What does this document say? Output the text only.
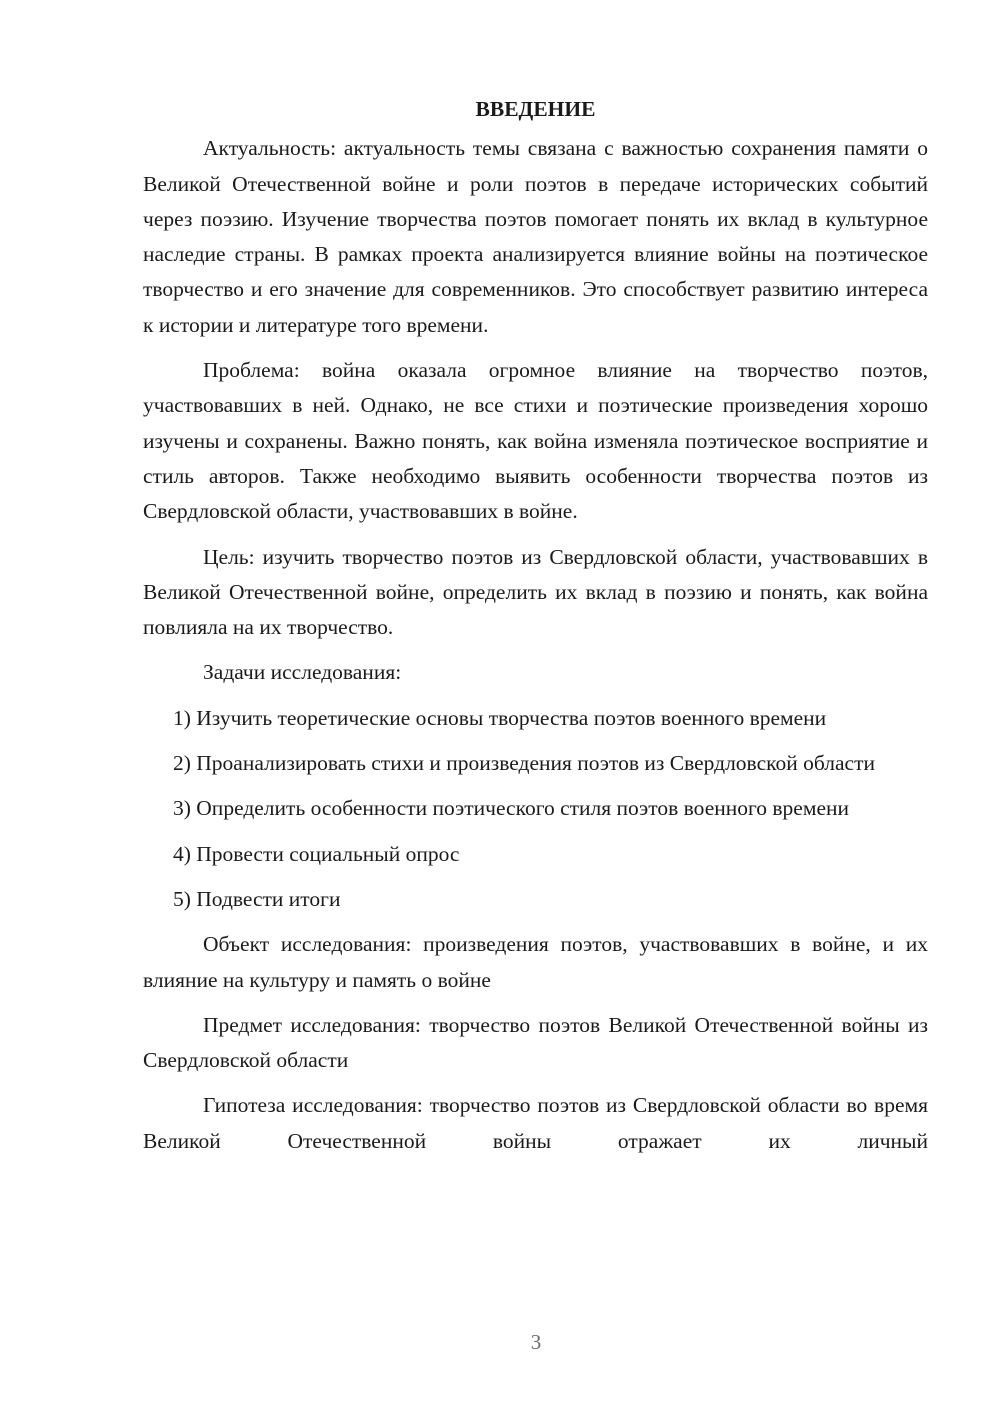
ВВЕДЕНИЕ

Актуальность: актуальность темы связана с важностью сохранения памяти о Великой Отечественной войне и роли поэтов в передаче исторических событий через поэзию. Изучение творчества поэтов помогает понять их вклад в культурное наследие страны. В рамках проекта анализируется влияние войны на поэтическое творчество и его значение для современников. Это способствует развитию интереса к истории и литературе того времени.

Проблема: война оказала огромное влияние на творчество поэтов, участвовавших в ней. Однако, не все стихи и поэтические произведения хорошо изучены и сохранены. Важно понять, как война изменяла поэтическое восприятие и стиль авторов. Также необходимо выявить особенности творчества поэтов из Свердловской области, участвовавших в войне.

Цель: изучить творчество поэтов из Свердловской области, участвовавших в Великой Отечественной войне, определить их вклад в поэзию и понять, как война повлияла на их творчество.

Задачи исследования:

1) Изучить теоретические основы творчества поэтов военного времени

2) Проанализировать стихи и произведения поэтов из Свердловской области

3) Определить особенности поэтического стиля поэтов военного времени

4) Провести социальный опрос

5) Подвести итоги

Объект исследования: произведения поэтов, участвовавших в войне, и их влияние на культуру и память о войне

Предмет исследования: творчество поэтов Великой Отечественной войны из Свердловской области

Гипотеза исследования: творчество поэтов из Свердловской области во время Великой Отечественной войны отражает их личный

3
